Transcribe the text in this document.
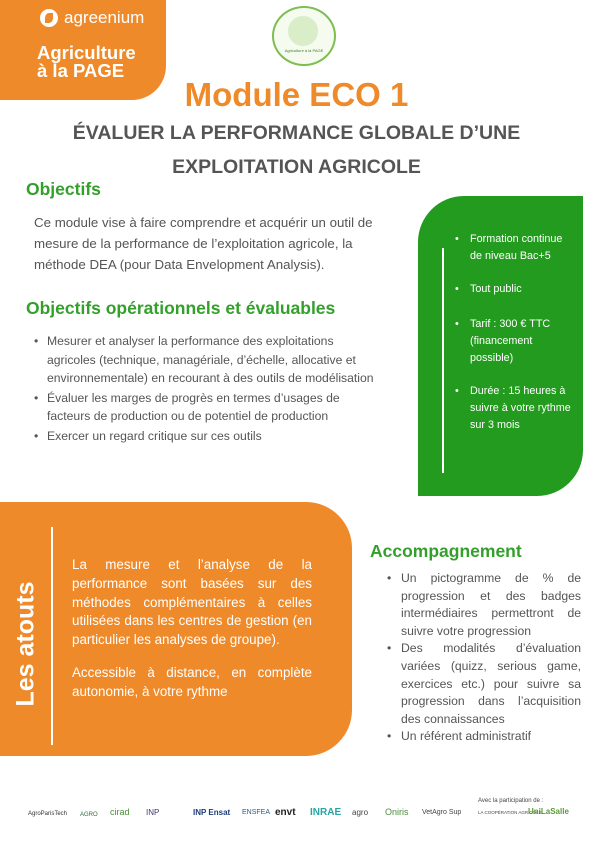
agreenium
Agriculture
à la PAGE
Agriculture à la PAGE
Module ECO 1
ÉVALUER LA PERFORMANCE GLOBALE D’UNE
EXPLOITATION AGRICOLE
Objectifs
Ce module vise à faire comprendre et acquérir un outil de mesure de la performance de l’exploitation agricole, la méthode DEA (pour Data Envelopment Analysis).
Objectifs opérationnels et évaluables
• Mesurer et analyser la performance des exploitations agricoles (technique, managériale, d’échelle, allocative et environnementale) en recourant à des outils de modélisation
• Évaluer les marges de progrès en termes d’usages de facteurs de production ou de potentiel de production
• Exercer un regard critique sur ces outils
Les infos
• Formation continue de niveau Bac+5
• Tout public
• Tarif : 300 € TTC (financement possible)
• Durée : 15 heures à suivre à votre rythme sur 3 mois
Les atouts
La mesure et l’analyse de la performance sont basées sur des méthodes complémentaires à celles utilisées dans les centres de gestion (en particulier les analyses de groupe).
Accessible à distance, en complète autonomie, à votre rythme
Accompagnement
• Un pictogramme de % de progression et des badges intermédiaires permettront de suivre votre progression
• Des modalités d’évaluation variées (quizz, serious game, exercices etc.) pour suivre sa progression dans l’acquisition des connaissances
• Un référent administratif
Avec la participation de :
AgroParisTech AGRO cirad INP	INP Ensat ENSFEA envt INRAE agro Oniris VetAgro Sup	LA COOPÉRATION AGRICOLE
UniLaSalle
